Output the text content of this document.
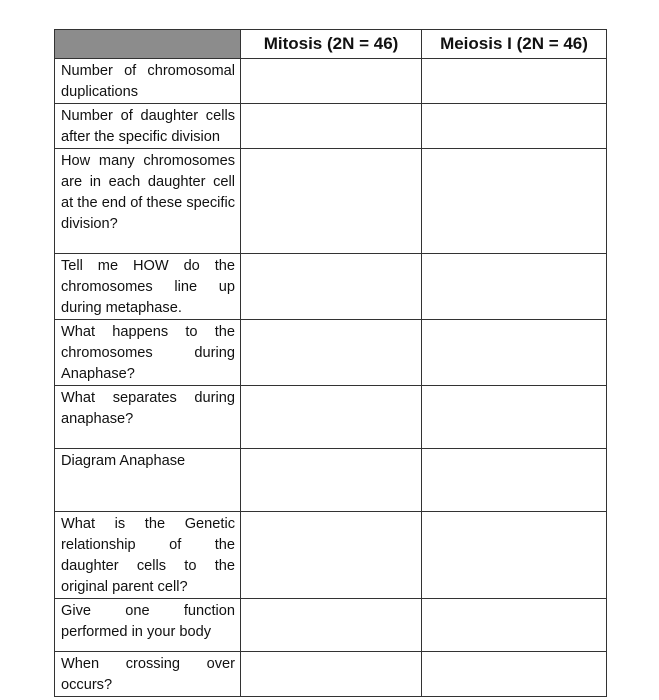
	Mitosis (2N = 46)	Meiosis I (2N = 46)
Number of chromosomal duplications		
Number of daughter cells after the specific division		
How many chromosomes are in each daughter cell at the end of these specific division?		
Tell me HOW do the chromosomes line up during metaphase.		
What happens to the chromosomes during Anaphase?		
What separates during anaphase?		
Diagram Anaphase		
What is the Genetic relationship of the daughter cells to the original parent cell?		
Give one function performed in your body		
When crossing over occurs?		
